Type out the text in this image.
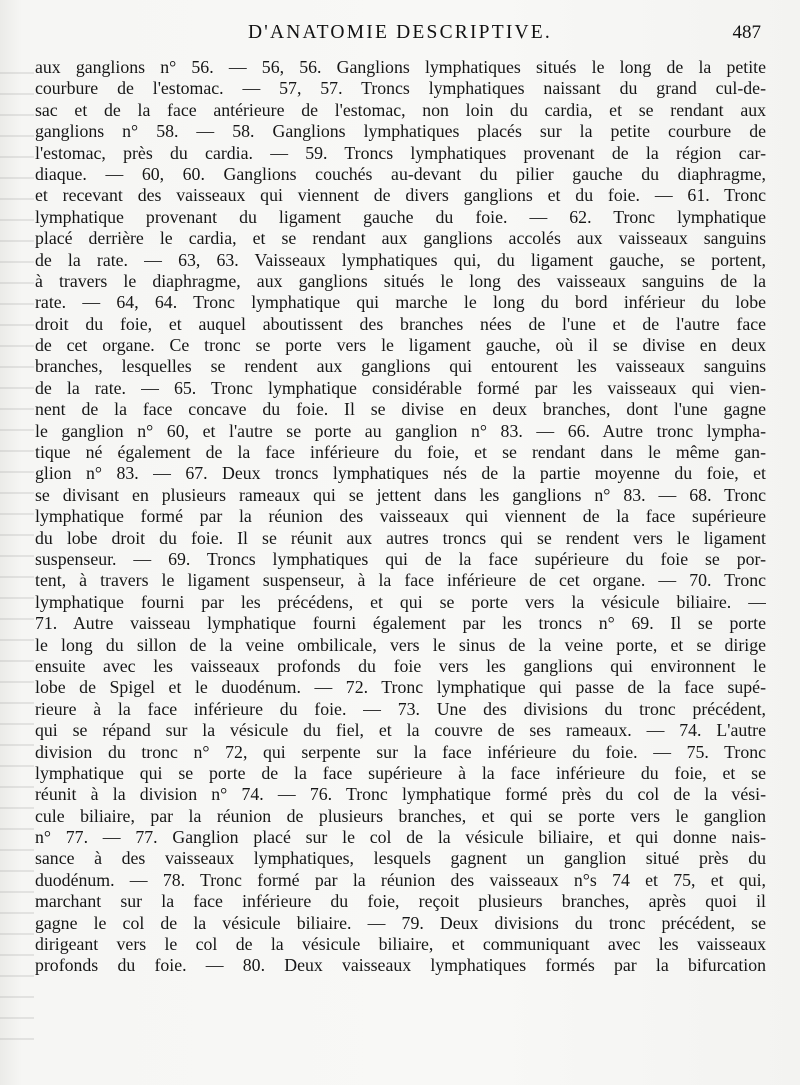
D'ANATOMIE DESCRIPTIVE.	487
aux ganglions n° 56. — 56, 56. Ganglions lymphatiques situés le long de la petite
courbure de l'estomac. — 57, 57. Troncs lymphatiques naissant du grand cul-de-
sac et de la face antérieure de l'estomac, non loin du cardia, et se rendant aux
ganglions n° 58. — 58. Ganglions lymphatiques placés sur la petite courbure de
l'estomac, près du cardia. — 59. Troncs lymphatiques provenant de la région car-
diaque. — 60, 60. Ganglions couchés au-devant du pilier gauche du diaphragme,
et recevant des vaisseaux qui viennent de divers ganglions et du foie. — 61. Tronc
lymphatique provenant du ligament gauche du foie. — 62. Tronc lymphatique
placé derrière le cardia, et se rendant aux ganglions accolés aux vaisseaux sanguins
de la rate. — 63, 63. Vaisseaux lymphatiques qui, du ligament gauche, se portent,
à travers le diaphragme, aux ganglions situés le long des vaisseaux sanguins de la
rate. — 64, 64. Tronc lymphatique qui marche le long du bord inférieur du lobe
droit du foie, et auquel aboutissent des branches nées de l'une et de l'autre face
de cet organe. Ce tronc se porte vers le ligament gauche, où il se divise en deux
branches, lesquelles se rendent aux ganglions qui entourent les vaisseaux sanguins
de la rate. — 65. Tronc lymphatique considérable formé par les vaisseaux qui vien-
nent de la face concave du foie. Il se divise en deux branches, dont l'une gagne
le ganglion n° 60, et l'autre se porte au ganglion n° 83. — 66. Autre tronc lympha-
tique né également de la face inférieure du foie, et se rendant dans le même gan-
glion n° 83. — 67. Deux troncs lymphatiques nés de la partie moyenne du foie, et
se divisant en plusieurs rameaux qui se jettent dans les ganglions n° 83. — 68. Tronc
lymphatique formé par la réunion des vaisseaux qui viennent de la face supérieure
du lobe droit du foie. Il se réunit aux autres troncs qui se rendent vers le ligament
suspenseur. — 69. Troncs lymphatiques qui de la face supérieure du foie se por-
tent, à travers le ligament suspenseur, à la face inférieure de cet organe. — 70. Tronc
lymphatique fourni par les précédens, et qui se porte vers la vésicule biliaire. —
71. Autre vaisseau lymphatique fourni également par les troncs n° 69. Il se porte
le long du sillon de la veine ombilicale, vers le sinus de la veine porte, et se dirige
ensuite avec les vaisseaux profonds du foie vers les ganglions qui environnent le
lobe de Spigel et le duodénum. — 72. Tronc lymphatique qui passe de la face supé-
rieure à la face inférieure du foie. — 73. Une des divisions du tronc précédent,
qui se répand sur la vésicule du fiel, et la couvre de ses rameaux. — 74. L'autre
division du tronc n° 72, qui serpente sur la face inférieure du foie. — 75. Tronc
lymphatique qui se porte de la face supérieure à la face inférieure du foie, et se
réunit à la division n° 74. — 76. Tronc lymphatique formé près du col de la vési-
cule biliaire, par la réunion de plusieurs branches, et qui se porte vers le ganglion
n° 77. — 77. Ganglion placé sur le col de la vésicule biliaire, et qui donne nais-
sance à des vaisseaux lymphatiques, lesquels gagnent un ganglion situé près du
duodénum. — 78. Tronc formé par la réunion des vaisseaux n°s 74 et 75, et qui,
marchant sur la face inférieure du foie, reçoit plusieurs branches, après quoi il
gagne le col de la vésicule biliaire. — 79. Deux divisions du tronc précédent, se
dirigeant vers le col de la vésicule biliaire, et communiquant avec les vaisseaux
profonds du foie. — 80. Deux vaisseaux lymphatiques formés par la bifurcation
